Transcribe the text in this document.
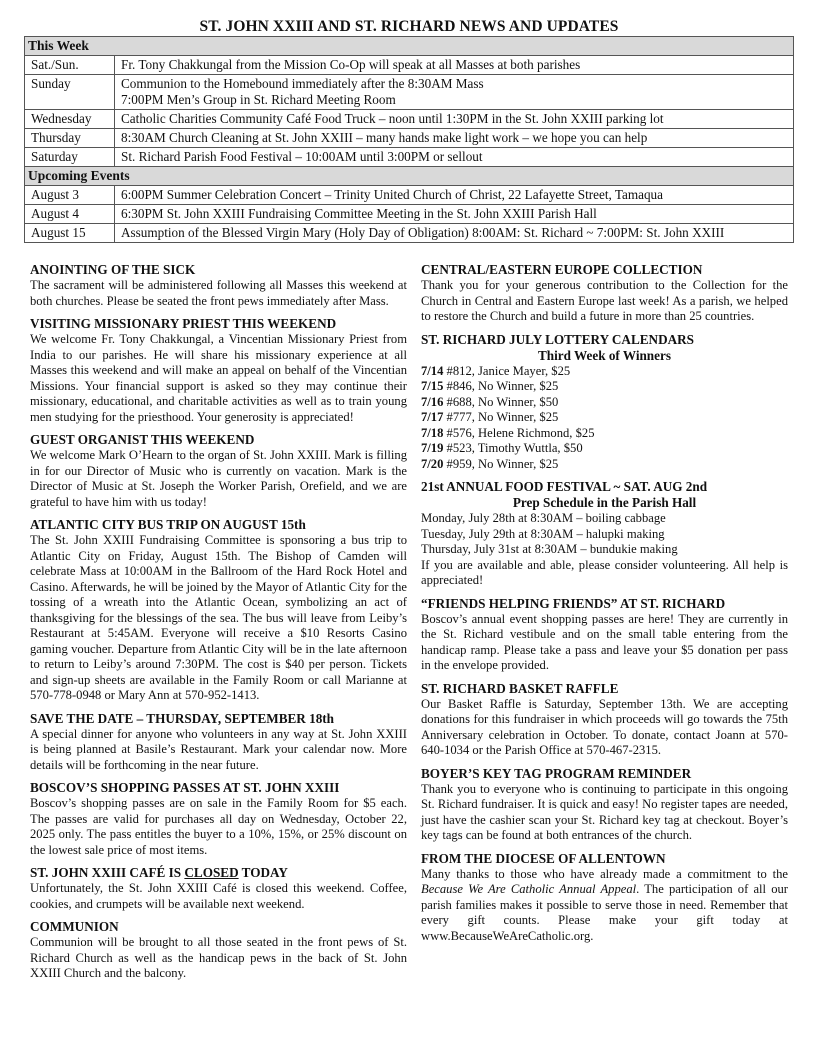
ST. JOHN XXIII AND ST. RICHARD NEWS AND UPDATES
This Week	
Sat./Sun.	Fr. Tony Chakkungal from the Mission Co-Op will speak at all Masses at both parishes

Sunday	Communion to the Homebound immediately after the 8:30AM Mass
7:00PM Men’s Group in St. Richard Meeting Room

Wednesday	Catholic Charities Community Café Food Truck – noon until 1:30PM in the St. John XXIII parking lot

Thursday	8:30AM Church Cleaning at St. John XXIII – many hands make light work – we hope you can help

Saturday	St. Richard Parish Food Festival – 10:00AM until 3:00PM or sellout

Upcoming Events	
August 3	6:00PM Summer Celebration Concert – Trinity United Church of Christ, 22 Lafayette Street, Tamaqua
August 4	6:30PM St. John XXIII Fundraising Committee Meeting in the St. John XXIII Parish Hall
August 15	Assumption of the Blessed Virgin Mary (Holy Day of Obligation) 8:00AM: St. Richard ~ 7:00PM: St. John XXIII
ANOINTING OF THE SICK

The sacrament will be administered following all Masses this weekend at both churches. Please be seated the front pews immediately after Mass.

VISITING MISSIONARY PRIEST THIS WEEKEND

We welcome Fr. Tony Chakkungal, a Vincentian Missionary Priest from India to our parishes. He will share his missionary experience at all Masses this weekend and will make an appeal on behalf of the Vincentian Missions. Your financial support is asked so they may continue their missionary, educational, and charitable activities as well as to train young men studying for the priesthood. Your generosity is appreciated!

GUEST ORGANIST THIS WEEKEND

We welcome Mark O’Hearn to the organ of St. John XXIII. Mark is filling in for our Director of Music who is currently on vacation. Mark is the Director of Music at St. Joseph the Worker Parish, Orefield, and we are grateful to have him with us today!

ATLANTIC CITY BUS TRIP ON AUGUST 15th

The St. John XXIII Fundraising Committee is sponsoring a bus trip to Atlantic City on Friday, August 15th. The Bishop of Camden will celebrate Mass at 10:00AM in the Ballroom of the Hard Rock Hotel and Casino. Afterwards, he will be joined by the Mayor of Atlantic City for the tossing of a wreath into the Atlantic Ocean, symbolizing an act of thanksgiving for the blessings of the sea. The bus will leave from Leiby’s Restaurant at 5:45AM. Everyone will receive a $10 Resorts Casino gaming voucher. Departure from Atlantic City will be in the late afternoon to return to Leiby’s around 7:30PM. The cost is $40 per person. Tickets and sign-up sheets are available in the Family Room or call Marianne at 570-778-0948 or Mary Ann at 570-952-1413.

SAVE THE DATE – THURSDAY, SEPTEMBER 18th

A special dinner for anyone who volunteers in any way at St. John XXIII is being planned at Basile’s Restaurant. Mark your calendar now. More details will be forthcoming in the near future.

BOSCOV’S SHOPPING PASSES AT ST. JOHN XXIII

Boscov’s shopping passes are on sale in the Family Room for $5 each. The passes are valid for purchases all day on Wednesday, October 22, 2025 only. The pass entitles the buyer to a 10%, 15%, or 25% discount on the lowest sale price of most items.

ST. JOHN XXIII CAFÉ IS CLOSED TODAY

Unfortunately, the St. John XXIII Café is closed this weekend. Coffee, cookies, and crumpets will be available next weekend.

COMMUNION

Communion will be brought to all those seated in the front pews of St. Richard Church as well as the handicap pews in the back of St. John XXIII Church and the balcony.

CENTRAL/EASTERN EUROPE COLLECTION

Thank you for your generous contribution to the Collection for the Church in Central and Eastern Europe last week! As a parish, we helped to restore the Church and build a future in more than 25 countries.

ST. RICHARD JULY LOTTERY CALENDARS
Third Week of Winners

7/14 #812, Janice Mayer, $25

7/15 #846, No Winner, $25

7/16 #688, No Winner, $50

7/17 #777, No Winner, $25

7/18 #576, Helene Richmond, $25

7/19 #523, Timothy Wuttla, $50

7/20 #959, No Winner, $25

21st ANNUAL FOOD FESTIVAL ~ SAT. AUG 2nd
Prep Schedule in the Parish Hall

Monday, July 28th at 8:30AM – boiling cabbage

Tuesday, July 29th at 8:30AM – halupki making

Thursday, July 31st at 8:30AM – bundukie making

If you are available and able, please consider volunteering. All help is appreciated!

“FRIENDS HELPING FRIENDS” AT ST. RICHARD

Boscov’s annual event shopping passes are here! They are currently in the St. Richard vestibule and on the small table entering from the handicap ramp. Please take a pass and leave your $5 donation per pass in the envelope provided.

ST. RICHARD BASKET RAFFLE

Our Basket Raffle is Saturday, September 13th. We are accepting donations for this fundraiser in which proceeds will go towards the 75th Anniversary celebration in October. To donate, contact Joann at 570-640-1034 or the Parish Office at 570-467-2315.

BOYER’S KEY TAG PROGRAM REMINDER

Thank you to everyone who is continuing to participate in this ongoing St. Richard fundraiser. It is quick and easy! No register tapes are needed, just have the cashier scan your St. Richard key tag at checkout. Boyer’s key tags can be found at both entrances of the church.

FROM THE DIOCESE OF ALLENTOWN

Many thanks to those who have already made a commitment to the Because We Are Catholic Annual Appeal. The participation of all our parish families makes it possible to serve those in need. Remember that every gift counts. Please make your gift today at www.BecauseWeAreCatholic.org.
